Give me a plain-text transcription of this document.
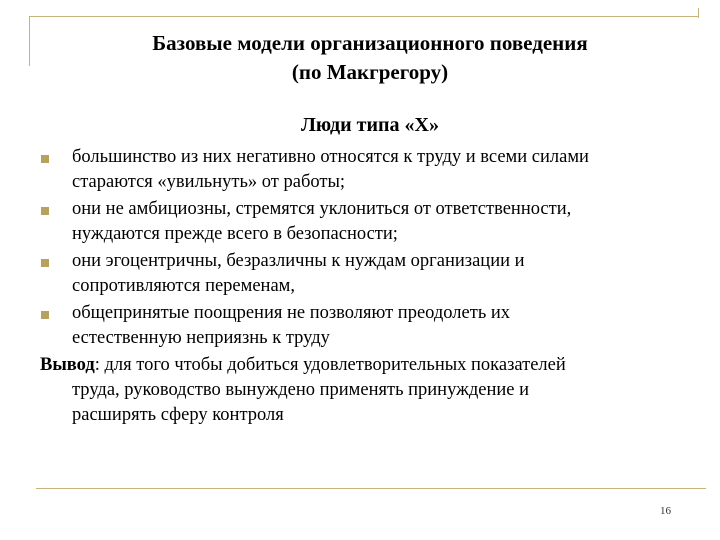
Базовые модели организационного поведения
(по Макгрегору)
Люди типа «X»
большинство из них негативно относятся к труду и всеми силами
стараются «увильнуть» от работы;
они не амбициозны, стремятся уклониться от ответственности,
нуждаются прежде всего в безопасности;
они эгоцентричны, безразличны к нуждам организации и
сопротивляются переменам,
общепринятые поощрения не позволяют преодолеть их
естественную неприязнь к труду
Вывод: для того чтобы добиться удовлетворительных показателей
труда, руководство вынуждено применять принуждение и
расширять сферу контроля
16
